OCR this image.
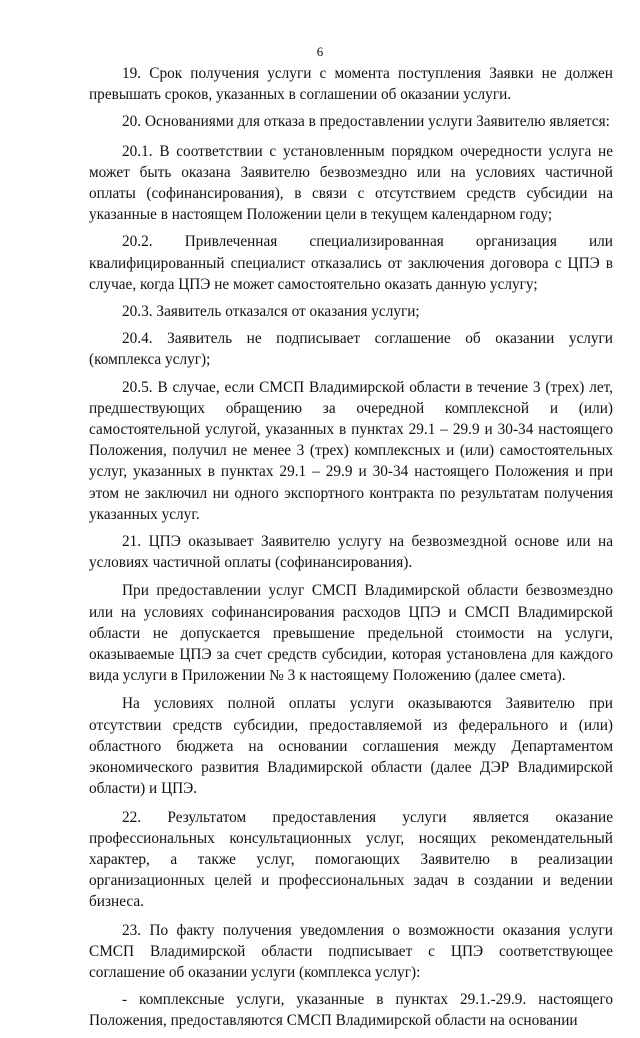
6

19. Срок получения услуги с момента поступления Заявки не должен превышать сроков, указанных в соглашении об оказании услуги.

20. Основаниями для отказа в предоставлении услуги Заявителю является:

20.1. В соответствии с установленным порядком очередности услуга не может быть оказана Заявителю безвозмездно или на условиях частичной оплаты (софинансирования), в связи с отсутствием средств субсидии на указанные в настоящем Положении цели в текущем календарном году;

20.2. Привлеченная специализированная организация или квалифицированный специалист отказались от заключения договора с ЦПЭ в случае, когда ЦПЭ не может самостоятельно оказать данную услугу;

20.3. Заявитель отказался от оказания услуги;

20.4. Заявитель не подписывает соглашение об оказании услуги (комплекса услуг);

20.5. В случае, если СМСП Владимирской области в течение 3 (трех) лет, предшествующих обращению за очередной комплексной и (или) самостоятельной услугой, указанных в пунктах 29.1 – 29.9 и 30-34 настоящего Положения, получил не менее 3 (трех) комплексных и (или) самостоятельных услуг, указанных в пунктах 29.1 – 29.9 и 30-34 настоящего Положения и при этом не заключил ни одного экспортного контракта по результатам получения указанных услуг.

21. ЦПЭ оказывает Заявителю услугу на безвозмездной основе или на условиях частичной оплаты (софинансирования).

При предоставлении услуг СМСП Владимирской области безвозмездно или на условиях софинансирования расходов ЦПЭ и СМСП Владимирской области не допускается превышение предельной стоимости на услуги, оказываемые ЦПЭ за счет средств субсидии, которая установлена для каждого вида услуги в Приложении № 3 к настоящему Положению (далее смета).

На условиях полной оплаты услуги оказываются Заявителю при отсутствии средств субсидии, предоставляемой из федерального и (или) областного бюджета на основании соглашения между Департаментом экономического развития Владимирской области (далее ДЭР Владимирской области) и ЦПЭ.

22. Результатом предоставления услуги является оказание профессиональных консультационных услуг, носящих рекомендательный характер, а также услуг, помогающих Заявителю в реализации организационных целей и профессиональных задач в создании и ведении бизнеса.

23. По факту получения уведомления о возможности оказания услуги СМСП Владимирской области подписывает с ЦПЭ соответствующее соглашение об оказании услуги (комплекса услуг):

- комплексные услуги, указанные в пунктах 29.1.-29.9. настоящего Положения, предоставляются СМСП Владимирской области на основании
